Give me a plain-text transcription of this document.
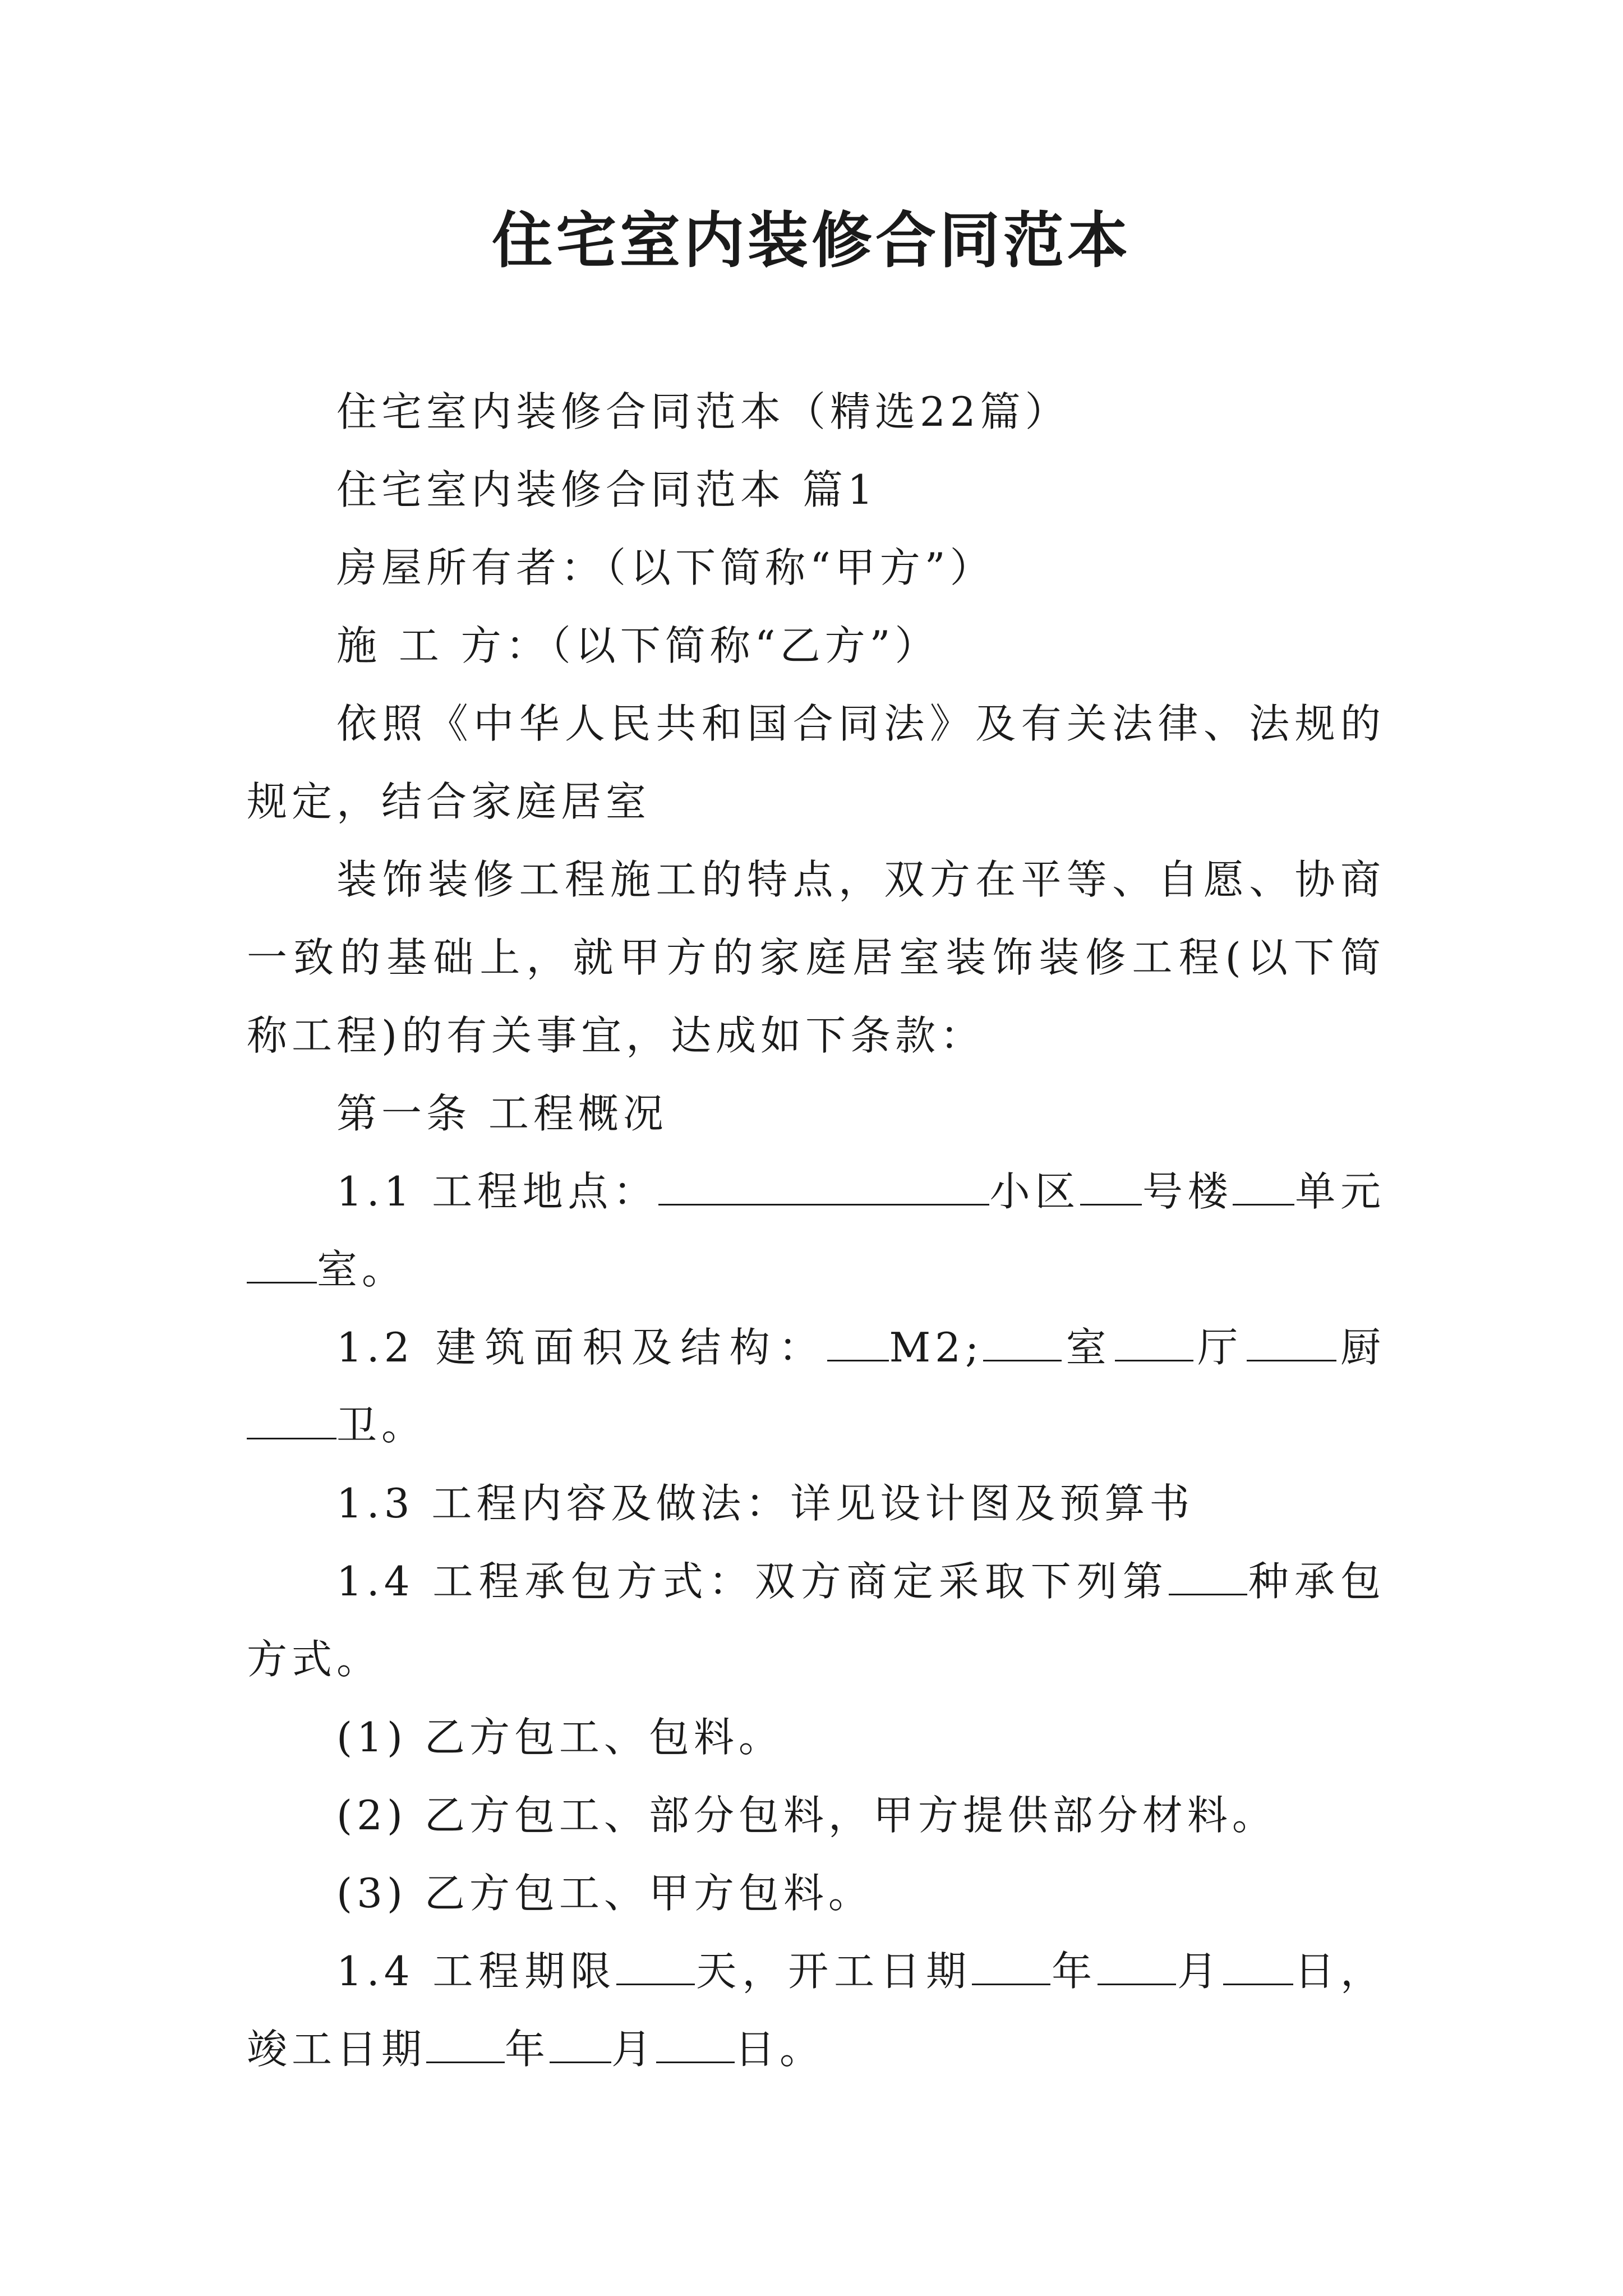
住宅室内装修合同范本

住宅室内装修合同范本（精选22篇）

住宅室内装修合同范本 篇1

房屋所有者：（以下简称“甲方”）

施 工 方：（以下简称“乙方”）

依照《中华人民共和国合同法》及有关法律、法规的规定，结合家庭居室

装饰装修工程施工的特点，双方在平等、自愿、协商一致的基础上，就甲方的家庭居室装饰装修工程(以下简称工程)的有关事宜，达成如下条款：

第一条 工程概况

1.1 工程地点：	小区 号楼 单元室。

1.2 建筑面积及结构： M2; 室 厅 厨卫。

1.3 工程内容及做法：详见设计图及预算书

1.4 工程承包方式：双方商定采取下列第 种承包方式。

(1) 乙方包工、包料。

(2) 乙方包工、部分包料，甲方提供部分材料。

(3) 乙方包工、甲方包料。

1.4 工程期限 天，开工日期 年 月 日，竣工日期 年 月 日。
